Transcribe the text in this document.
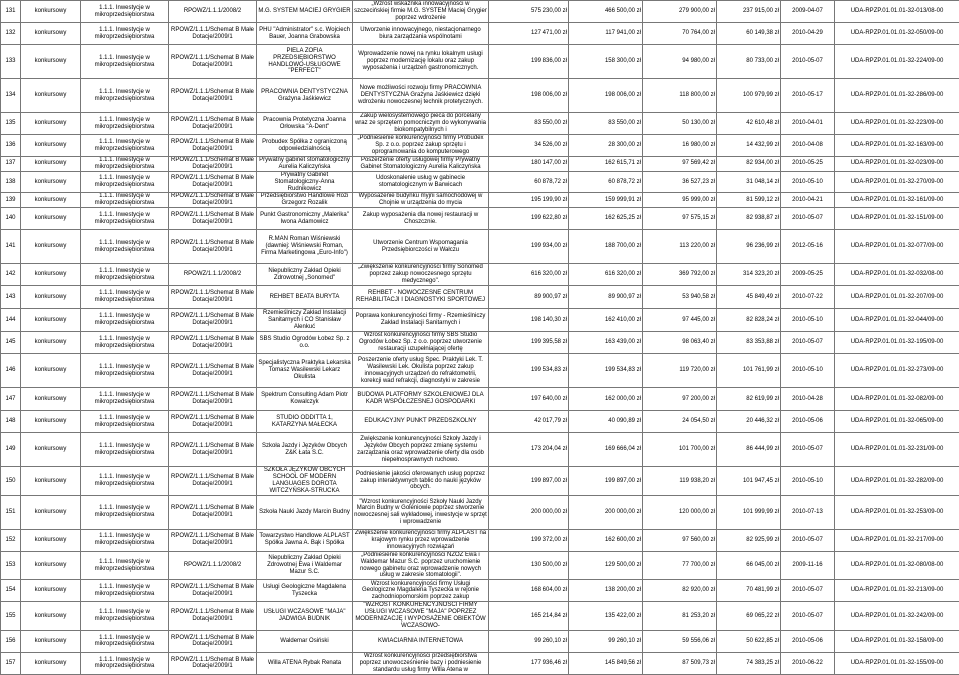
131	konkursowy	1.1.1. Inwestycje w mikroprzedsiębiorstwa	RPOWZ/1.1.1/2008/2	M.G. SYSTEM MACIEJ GRYGIER	„Wzrost wskaźnika innowacyjności w szczecińskiej firmie M.G. SYSTEM Maciej Grygier poprzez wdrożenie	575 230,00 zł	466 500,00 zł	279 900,00 zł	237 915,00 zł	2009-04-07	UDA-RPZP.01.01.01-32-013/08-00
132	konkursowy	1.1.1. Inwestycje w mikroprzedsiębiorstwa	RPOWZ/1.1.1/Schemat B Małe Dotacje/2009/1	PHU "Administrator" s.c. Wojciech Bauer, Joanna Grabowska	Utworzenie innowacyjnego, niestacjonarnego biura zarządzania wspólnotami	127 471,00 zł	117 941,00 zł	70 764,00 zł	60 149,38 zł	2010-04-29	UDA-RPZP.01.01.01-32-050/09-00
133	konkursowy	1.1.1. Inwestycje w mikroprzedsiębiorstwa	RPOWZ/1.1.1/Schemat B Małe Dotacje/2009/1	PIELA ZOFIA PRZEDSIĘBIORSTWO HANDLOWO-USŁUGOWE "PERFECT"	Wprowadzenie nowej na rynku lokalnym usługi poprzez modernizację lokalu oraz zakup wyposażenia i urządzeń gastronomicznych.	199 836,00 zł	158 300,00 zł	94 980,00 zł	80 733,00 zł	2010-05-07	UDA-RPZP.01.01.01-32-224/09-00
134	konkursowy	1.1.1. Inwestycje w mikroprzedsiębiorstwa	RPOWZ/1.1.1/Schemat B Małe Dotacje/2009/1	PRACOWNIA DENTYSTYCZNA Grażyna Jaśkiewicz	Nowe możliwości rozwoju firmy PRACOWNIA DENTYSTYCZNA Grażyna Jaśkiewicz dzięki wdrożeniu nowoczesnej technik protetycznych.	198 006,00 zł	198 006,00 zł	118 800,00 zł	100 979,99 zł	2010-05-17	UDA-RPZP.01.01.01-32-286/09-00
135	konkursowy	1.1.1. Inwestycje w mikroprzedsiębiorstwa	RPOWZ/1.1.1/Schemat B Małe Dotacje/2009/1	Pracownia Protetyczna Joanna Orłowska "A-Dent"	Zakup wielosystemowego pieca do porcelany wraz ze sprzętem pomocniczym do wykonywania biokompatybilnych i	83 550,00 zł	83 550,00 zł	50 130,00 zł	42 610,48 zł	2010-04-01	UDA-RPZP.01.01.01-32-223/09-00
136	konkursowy	1.1.1. Inwestycje w mikroprzedsiębiorstwa	RPOWZ/1.1.1/Schemat B Małe Dotacje/2009/1	Probudex Spółka z ograniczoną odpowiedzialnością	„Podniesienie konkurencyjności firmy Probudex Sp. z o.o. poprzez zakup sprzętu i oprogramowania do komputerowego	34 526,00 zł	28 300,00 zł	16 980,00 zł	14 432,99 zł	2010-04-08	UDA-RPZP.01.01.01-32-163/09-00
137	konkursowy	1.1.1. Inwestycje w mikroprzedsiębiorstwa	RPOWZ/1.1.1/Schemat B Małe Dotacje/2009/1	Prywatny gabinet stomatologiczny Aurelia Kaliczyńska	Poszerzenie oferty usługowej firmy Prywatny Gabinet Stomatologiczny Aurelia Kaliczyńska	180 147,00 zł	162 615,71 zł	97 569,42 zł	82 934,00 zł	2010-05-25	UDA-RPZP.01.01.01-32-023/09-00
138	konkursowy	1.1.1. Inwestycje w mikroprzedsiębiorstwa	RPOWZ/1.1.1/Schemat B Małe Dotacje/2009/1	Prywatny Gabinet Stomatologiczny-Anna Rudnikowicz	Udoskonalenie usług w gabinecie stomatologicznym w Barwicach	60 878,72 zł	60 878,72 zł	36 527,23 zł	31 048,14 zł	2010-05-10	UDA-RPZP.01.01.01-32-270/09-00
139	konkursowy	1.1.1. Inwestycje w mikroprzedsiębiorstwa	RPOWZ/1.1.1/Schemat B Małe Dotacje/2009/1	Przedsiębiorstwo Handlowe Rozi Grzegorz Rozalik	Wyposażenie budynku myjni samochodowej w Chojnie w urządzenia do mycia	195 199,90 zł	159 999,91 zł	95 999,00 zł	81 599,12 zł	2010-04-21	UDA-RPZP.01.01.01-32-161/09-00
140	konkursowy	1.1.1. Inwestycje w mikroprzedsiębiorstwa	RPOWZ/1.1.1/Schemat B Małe Dotacje/2009/1	Punkt Gastronomiczny „Malerika" Iwona Adamowicz	Zakup wyposażenia dla nowej restauracji w Choszcznie.	199 622,80 zł	162 625,25 zł	97 575,15 zł	82 938,87 zł	2010-05-07	UDA-RPZP.01.01.01-32-151/09-00
141	konkursowy	1.1.1. Inwestycje w mikroprzedsiębiorstwa	RPOWZ/1.1.1/Schemat B Małe Dotacje/2009/1	R.MAN Roman Wiśniewski (dawniej: Wiśniewski Roman, Firma Marketingowa „Euro-Info")	Utworzenie Centrum Wspomagania Przedsiębiorczości w Wałczu	199 934,00 zł	188 700,00 zł	113 220,00 zł	96 236,99 zł	2012-05-16	UDA-RPZP.01.01.01-32-077/09-00
142	konkursowy	1.1.1. Inwestycje w mikroprzedsiębiorstwa	RPOWZ/1.1.1/2008/2	Niepubliczny Zakład Opieki Zdrowotnej „Sonomed"	„Zwiększenie konkurencyjności firmy Sonomed poprzez zakup nowoczesnego sprzętu medycznego".	616 320,00 zł	616 320,00 zł	369 792,00 zł	314 323,20 zł	2009-05-25	UDA-RPZP.01.01.01-32-032/08-00
143	konkursowy	1.1.1. Inwestycje w mikroprzedsiębiorstwa	RPOWZ/1.1.1/Schemat B Małe Dotacje/2009/1	REHBET BEATA BURYTA	REHBET - NOWOCZESNE CENTRUM REHABILITACJI I DIAGNOSTYKI SPORTOWEJ	89 900,97 zł	89 900,97 zł	53 940,58 zł	45 849,49 zł	2010-07-22	UDA-RPZP.01.01.01-32-207/09-00
144	konkursowy	1.1.1. Inwestycje w mikroprzedsiębiorstwa	RPOWZ/1.1.1/Schemat B Małe Dotacje/2009/1	Rzemieślniczy Zakład Instalacji Sanitarnych i CO Stanisław Alenkuć	Poprawa konkurencyjności firmy - Rzemieślniczy Zakład Instalacji Sanitarnych i	198 140,30 zł	162 410,00 zł	97 445,00 zł	82 828,24 zł	2010-05-10	UDA-RPZP.01.01.01-32-044/09-00
145	konkursowy	1.1.1. Inwestycje w mikroprzedsiębiorstwa	RPOWZ/1.1.1/Schemat B Małe Dotacje/2009/1	SBS Studio Ogrodów Łobez Sp. z o.o.	Wzrost konkurencyjności firmy SBS Studio Ogrodów Łobez Sp. z o.o. poprzez utworzenie restauracji uzupełniającej ofertę	199 395,58 zł	163 439,00 zł	98 063,40 zł	83 353,88 zł	2010-05-07	UDA-RPZP.01.01.01-32-195/09-00
146	konkursowy	1.1.1. Inwestycje w mikroprzedsiębiorstwa	RPOWZ/1.1.1/Schemat B Małe Dotacje/2009/1	Specjalistyczna Praktyka Lekarska Tomasz Wasilewski Lekarz Okulista	Poszerzenie oferty usług Spec. Praktyki Lek. T. Wasilewski Lek. Okulista poprzez zakup innowacyjnych urządzeń do refraktometrii, korekcji wad refrakcji, diagnostyki w zakresie	199 534,83 zł	199 534,83 zł	119 720,00 zł	101 761,99 zł	2010-05-10	UDA-RPZP.01.01.01-32-273/09-00
147	konkursowy	1.1.1. Inwestycje w mikroprzedsiębiorstwa	RPOWZ/1.1.1/Schemat B Małe Dotacje/2009/1	Spektrum Consulting Adam Piotr Kowalczyk	BUDOWA PLATFORMY SZKOLENIOWEJ DLA KADR WSPÓŁCZESNEJ GOSPODARKI	197 640,00 zł	162 000,00 zł	97 200,00 zł	82 619,99 zł	2010-04-28	UDA-RPZP.01.01.01-32-082/09-00
148	konkursowy	1.1.1. Inwestycje w mikroprzedsiębiorstwa	RPOWZ/1.1.1/Schemat B Małe Dotacje/2009/1	STUDIO ODDITTA 1, KATARZYNA MAŁECKA	EDUKACYJNY PUNKT PRZEDSZKOLNY	42 017,79 zł	40 090,89 zł	24 054,50 zł	20 446,32 zł	2010-05-06	UDA-RPZP.01.01.01-32-065/09-00
149	konkursowy	1.1.1. Inwestycje w mikroprzedsiębiorstwa	RPOWZ/1.1.1/Schemat B Małe Dotacje/2009/1	Szkoła Jazdy i Języków Obcych Z&K Łata S.C.	Zwiększenie konkurencyjności Szkoły Jazdy i Języków Obcych poprzez zmianę systemu zarządzania oraz wprowadzenie oferty dla osób niepełnosprawnych ruchowo.	173 204,04 zł	169 666,04 zł	101 700,00 zł	86 444,99 zł	2010-05-07	UDA-RPZP.01.01.01-32-231/09-00
150	konkursowy	1.1.1. Inwestycje w mikroprzedsiębiorstwa	RPOWZ/1.1.1/Schemat B Małe Dotacje/2009/1	SZKOŁA JĘZYKÓW OBCYCH SCHOOL OF MODERN LANGUAGES DOROTA WITCZYŃSKA-STRUCKA	Podniesienie jakości oferowanych usług poprzez zakup interaktywnych tablic do nauki języków obcych.	199 897,00 zł	199 897,00 zł	119 938,20 zł	101 947,45 zł	2010-05-10	UDA-RPZP.01.01.01-32-282/09-00
151	konkursowy	1.1.1. Inwestycje w mikroprzedsiębiorstwa	RPOWZ/1.1.1/Schemat B Małe Dotacje/2009/1	Szkoła Nauki Jazdy Marcin Budny	"Wzrost konkurencyjności Szkoły Nauki Jazdy Marcin Budny w Goleniowie poprzez stworzenie nowoczesnej sali wykładowej, inwestycje w sprzęt i wprowadzenie	200 000,00 zł	200 000,00 zł	120 000,00 zł	101 999,99 zł	2010-07-13	UDA-RPZP.01.01.01-32-253/09-00
152	konkursowy	1.1.1. Inwestycje w mikroprzedsiębiorstwa	RPOWZ/1.1.1/Schemat B Małe Dotacje/2009/1	Towarzystwo Handlowe ALPLAST Spółka Jawna A. Bąk i Spółka	Zwiększenie konkurencyjności firmy ALPLAST na krajowym rynku przez wprowadzenie innowacyjnych rozwiązań	199 372,00 zł	162 600,00 zł	97 560,00 zł	82 925,99 zł	2010-05-07	UDA-RPZP.01.01.01-32-217/09-00
153	konkursowy	1.1.1. Inwestycje w mikroprzedsiębiorstwa	RPOWZ/1.1.1/2008/2	Niepubliczny Zakład Opieki Zdrowotnej Ewa i Waldemar Mazur S.C.	„Podniesienie konkurencyjności NZOZ Ewa i Waldemar Mazur S.C. poprzez uruchomienie nowego gabinetu oraz wprowadzenie nowych usług w zakresie stomatologii".	130 500,00 zł	129 500,00 zł	77 700,00 zł	66 045,00 zł	2009-11-16	UDA-RPZP.01.01.01-32-080/08-00
154	konkursowy	1.1.1. Inwestycje w mikroprzedsiębiorstwa	RPOWZ/1.1.1/Schemat B Małe Dotacje/2009/1	Usługi Geologiczne Magdalena Tyszecka	Wzrost konkurencyjności firmy Usługi Geologiczne Magdalena Tyszecka w rejonie zachodniopomorskim poprzez zakup	168 604,00 zł	138 200,00 zł	82 920,00 zł	70 481,99 zł	2010-05-07	UDA-RPZP.01.01.01-32-213/09-00
155	konkursowy	1.1.1. Inwestycje w mikroprzedsiębiorstwa	RPOWZ/1.1.1/Schemat B Małe Dotacje/2009/1	USŁUGI WCZASOWE "MAJA" JADWIGA BUDNIK	"WZROST KONKURENCYJNOŚCI FIRMY USŁUGI WCZASOWE "MAJA" POPRZEZ MODERNIZACJĘ I WYPOSAŻENIE OBIEKTÓW WCZASOWO-	165 214,84 zł	135 422,00 zł	81 253,20 zł	69 065,22 zł	2010-05-07	UDA-RPZP.01.01.01-32-242/09-00
156	konkursowy	1.1.1. Inwestycje w mikroprzedsiębiorstwa	RPOWZ/1.1.1/Schemat B Małe Dotacje/2009/1	Waldemar Osiński	KWIACIARNIA INTERNETOWA	99 260,10 zł	99 260,10 zł	59 556,06 zł	50 622,85 zł	2010-05-06	UDA-RPZP.01.01.01-32-158/09-00
157	konkursowy	1.1.1. Inwestycje w mikroprzedsiębiorstwa	RPOWZ/1.1.1/Schemat B Małe Dotacje/2009/1	Willa ATENA Rybak Renata	Wzrost konkurencyjności przedsiębiorstwa poprzez unowocześnienie bazy i podniesienie standardu usług firmy Willa Atena w	177 936,46 zł	145 849,56 zł	87 509,73 zł	74 383,25 zł	2010-06-22	UDA-RPZP.01.01.01-32-155/09-00
